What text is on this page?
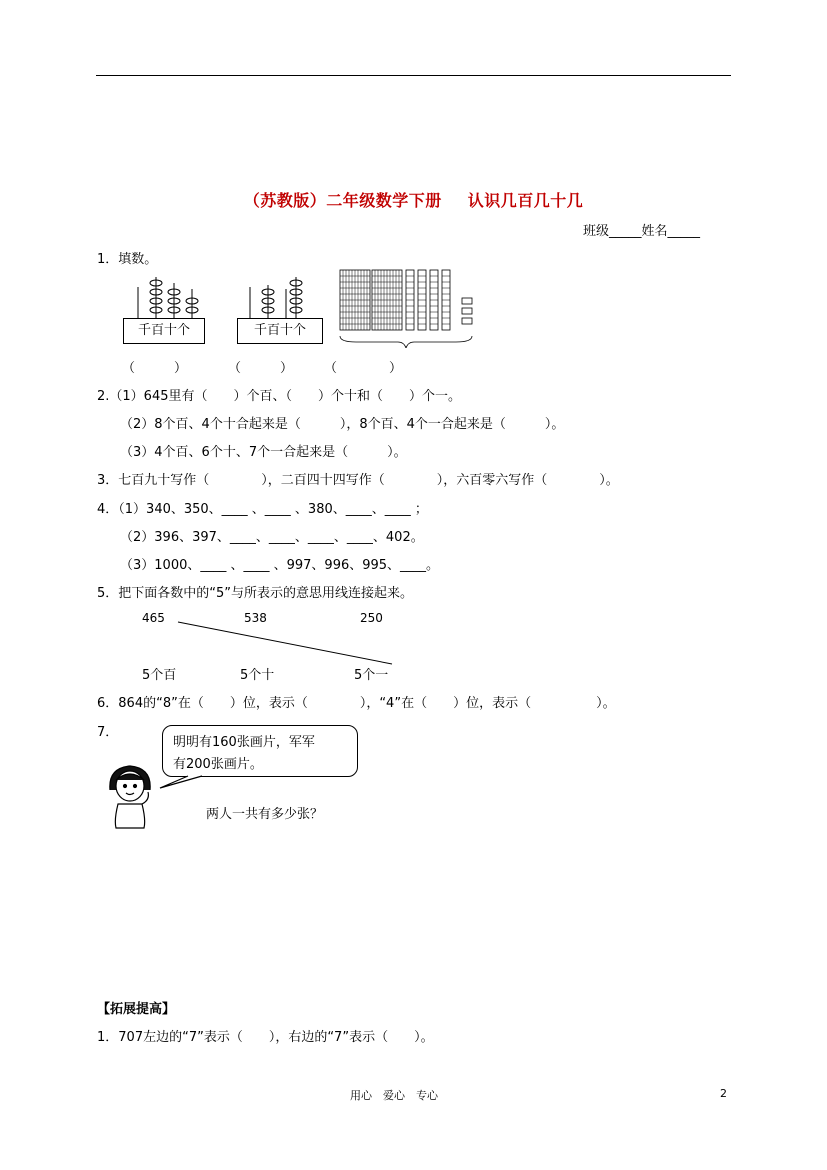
（苏教版）二年级数学下册 认识几百几十几
班级_____姓名_____
1．填数。
千百十个	千百十个
（　　　）	（　　　） （　　　　）
2.（1）645里有（　　）个百、（　　）个十和（　　）个一。
（2）8个百、4个十合起来是（　　　），8个百、4个一合起来是（　　　）。
（3）4个百、6个十、7个一合起来是（　　　）。
3．七百九十写作（　　　　），二百四十四写作（　　　　），六百零六写作（　　　　）。
4．（1）340、350、____ 、____ 、380、____、____ ；
（2）396、397、____、____、____、____、402。
（3）1000、____ 、____ 、997、996、995、____。
5．把下面各数中的“5”与所表示的意思用线连接起来。
465	538	250
5个百	5个十	5个一
6．864的“8”在（　　）位，表示（　　　　），“4”在（　　）位，表示（　　　　　）。
7．
明明有160张画片，军军
有200张画片。
两人一共有多少张？
【拓展提高】
1．707左边的“7”表示（　　），右边的“7”表示（　　）。
用心　爱心　专心	2
